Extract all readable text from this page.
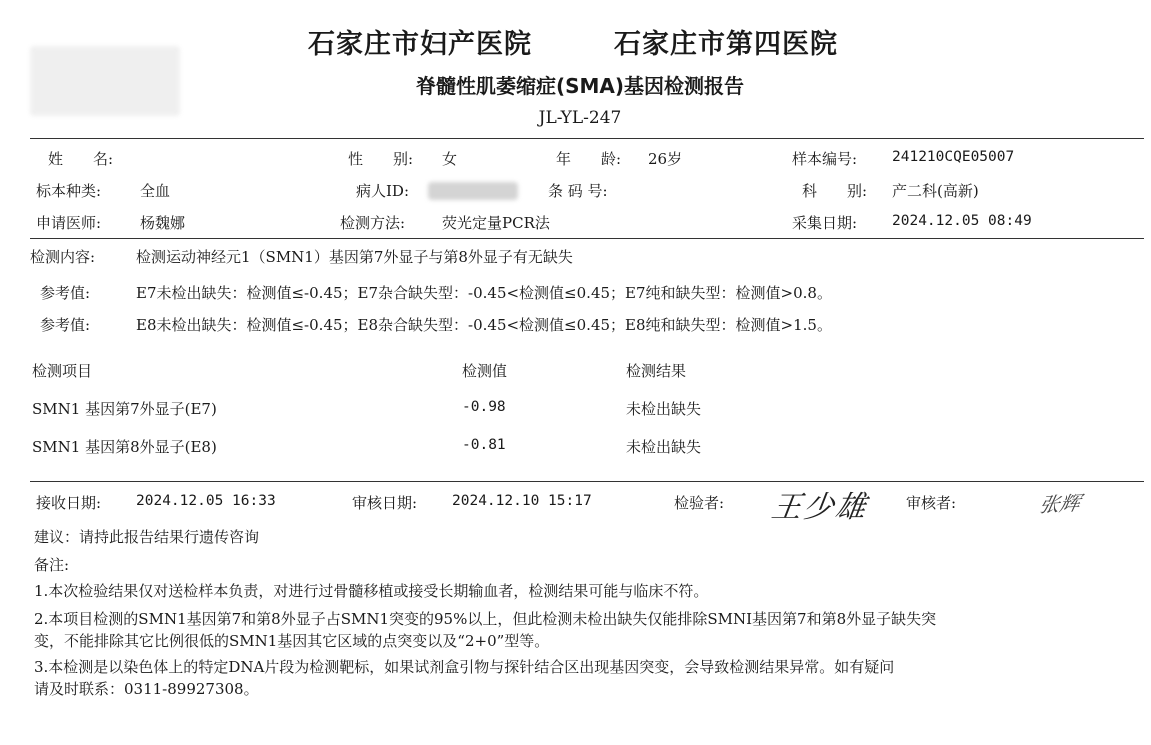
石家庄市妇产医院	石家庄市第四医院
脊髓性肌萎缩症(SMA)基因检测报告
JL-YL-247
姓　　名:	性　　别: 女	年　　龄: 26岁	样本编号: 241210CQE05007
标本种类:	全血	病人ID:	条 码 号:	科　　别: 产二科(高新)
申请医师:	杨魏娜	检测方法: 荧光定量PCR法	采集日期: 2024.12.05 08:49
检测内容:	检测运动神经元1（SMN1）基因第7外显子与第8外显子有无缺失
参考值:	E7未检出缺失：检测值≤-0.45；E7杂合缺失型：-0.45<检测值≤0.45；E7纯和缺失型：检测值>0.8。
参考值:	E8未检出缺失：检测值≤-0.45；E8杂合缺失型：-0.45<检测值≤0.45；E8纯和缺失型：检测值>1.5。
检测项目	检测值	检测结果
SMN1 基因第7外显子(E7)	-0.98	未检出缺失
SMN1 基因第8外显子(E8)	-0.81	未检出缺失
接收日期: 2024.12.05 16:33	审核日期: 2024.12.10 15:17	检验者: 王少雄 审核者:	张辉
建议：请持此报告结果行遗传咨询
备注:
1.本次检验结果仅对送检样本负责，对进行过骨髓移植或接受长期输血者，检测结果可能与临床不符。
2.本项目检测的SMN1基因第7和第8外显子占SMN1突变的95%以上，但此检测未检出缺失仅能排除SMNI基因第7和第8外显子缺失突
变，不能排除其它比例很低的SMN1基因其它区域的点突变以及“2+0”型等。
3.本检测是以染色体上的特定DNA片段为检测靶标，如果试剂盒引物与探针结合区出现基因突变，会导致检测结果异常。如有疑问
请及时联系：0311-89927308。
